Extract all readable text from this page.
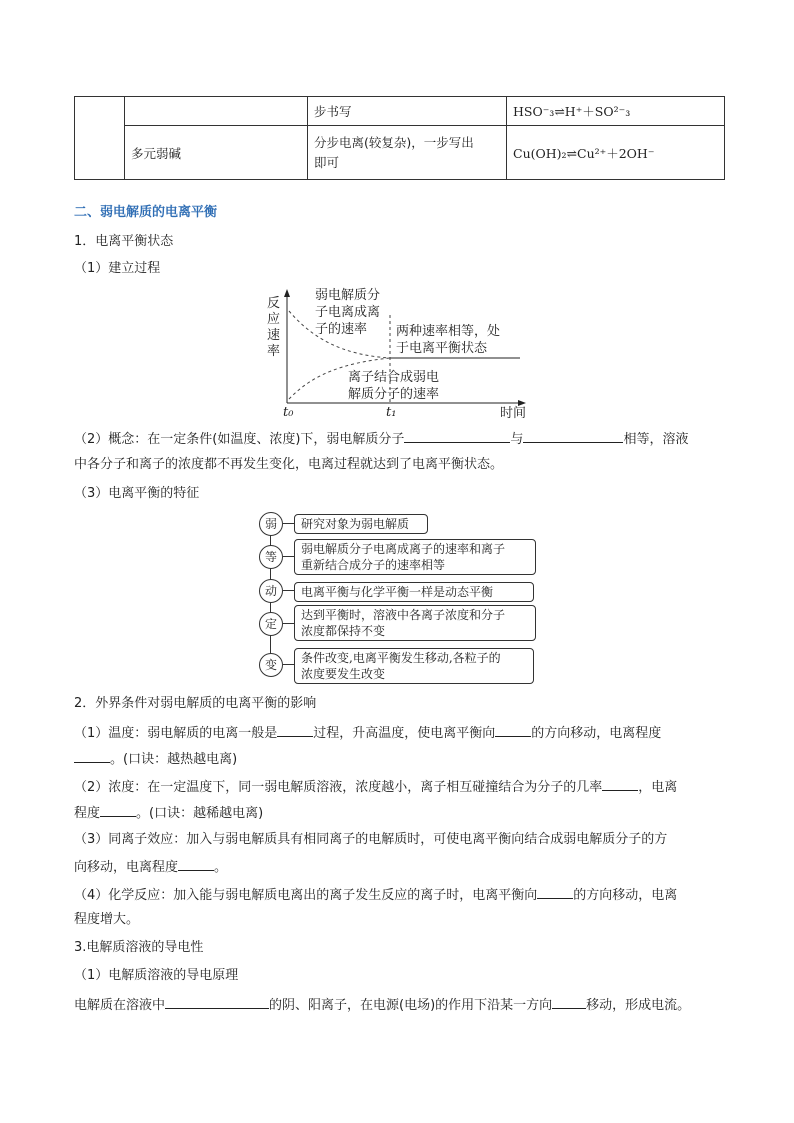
		步书写	HSO⁻₃⇌H⁺＋SO²⁻₃
	多元弱碱	分步电离(较复杂)，一步写出
即可	Cu(OH)₂⇌Cu²⁺＋2OH⁻
二、弱电解质的电离平衡
1．电离平衡状态
（1）建立过程
反
应
速
率
弱电解质分
子电离成离
子的速率 两种速率相等，处
于电离平衡状态
离子结合成弱电
解质分子的速率
t₀	t₁	时间
（2）概念：在一定条件(如温度、浓度)下，弱电解质分子	与	相等，溶液
中各分子和离子的浓度都不再发生变化，电离过程就达到了电离平衡状态。
（3）电离平衡的特征
弱	研究对象为弱电解质
等
弱电解质分子电离成离子的速率和离子
重新结合成分子的速率相等
动	电离平衡与化学平衡一样是动态平衡
定
达到平衡时，溶液中各离子浓度和分子
浓度都保持不变
变	条件改变,电离平衡发生移动,各粒子的
浓度要发生改变
2．外界条件对弱电解质的电离平衡的影响
（1）温度：弱电解质的电离一般是	过程，升高温度，使电离平衡向	的方向移动，电离程度
。(口诀：越热越电离)
（2）浓度：在一定温度下，同一弱电解质溶液，浓度越小，离子相互碰撞结合为分子的几率	，电离
程度	。(口诀：越稀越电离)
（3）同离子效应：加入与弱电解质具有相同离子的电解质时，可使电离平衡向结合成弱电解质分子的方
向移动，电离程度	。
（4）化学反应：加入能与弱电解质电离出的离子发生反应的离子时，电离平衡向	的方向移动，电离
程度增大。
3.电解质溶液的导电性
（1）电解质溶液的导电原理
电解质在溶液中	的阴、阳离子，在电源(电场)的作用下沿某一方向	移动，形成电流。
